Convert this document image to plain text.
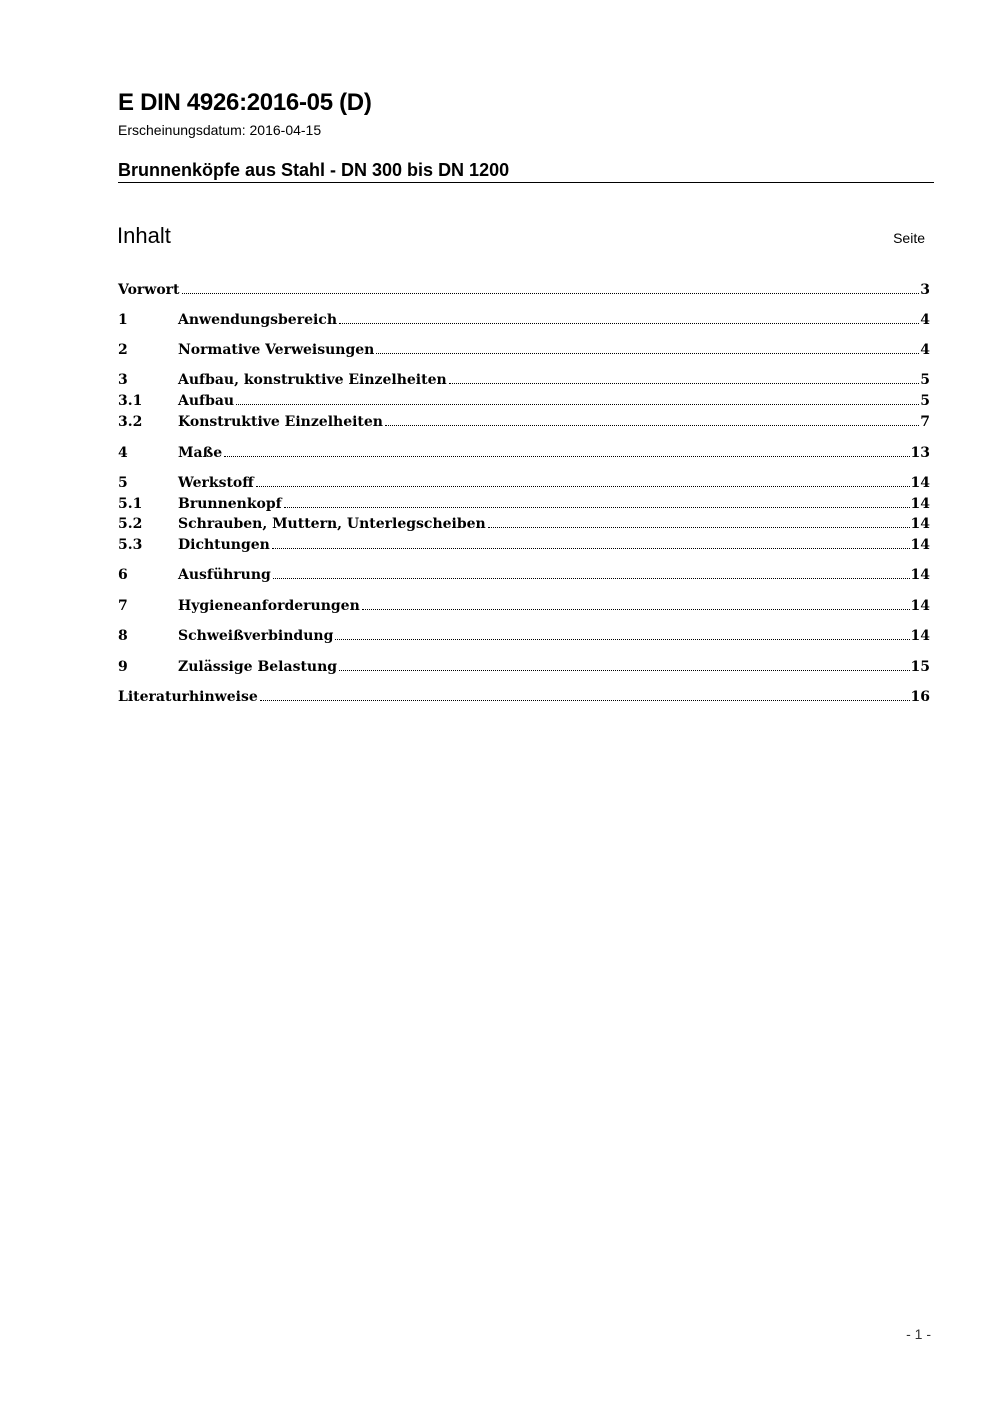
E DIN 4926:2016-05 (D)
Erscheinungsdatum: 2016-04-15
Brunnenköpfe aus Stahl - DN 300 bis DN 1200
Inhalt	Seite
Vorwort	3
1	Anwendungsbereich	4
2	Normative Verweisungen	4
3	Aufbau, konstruktive Einzelheiten	5
3.1	Aufbau	5
3.2	Konstruktive Einzelheiten	7
4	Maße	13
5	Werkstoff	14
5.1	Brunnenkopf	14
5.2	Schrauben, Muttern, Unterlegscheiben	14
5.3	Dichtungen	14
6	Ausführung	14
7	Hygieneanforderungen	14
8	Schweißverbindung	14
9	Zulässige Belastung	15
Literaturhinweise	16
- 1 -
